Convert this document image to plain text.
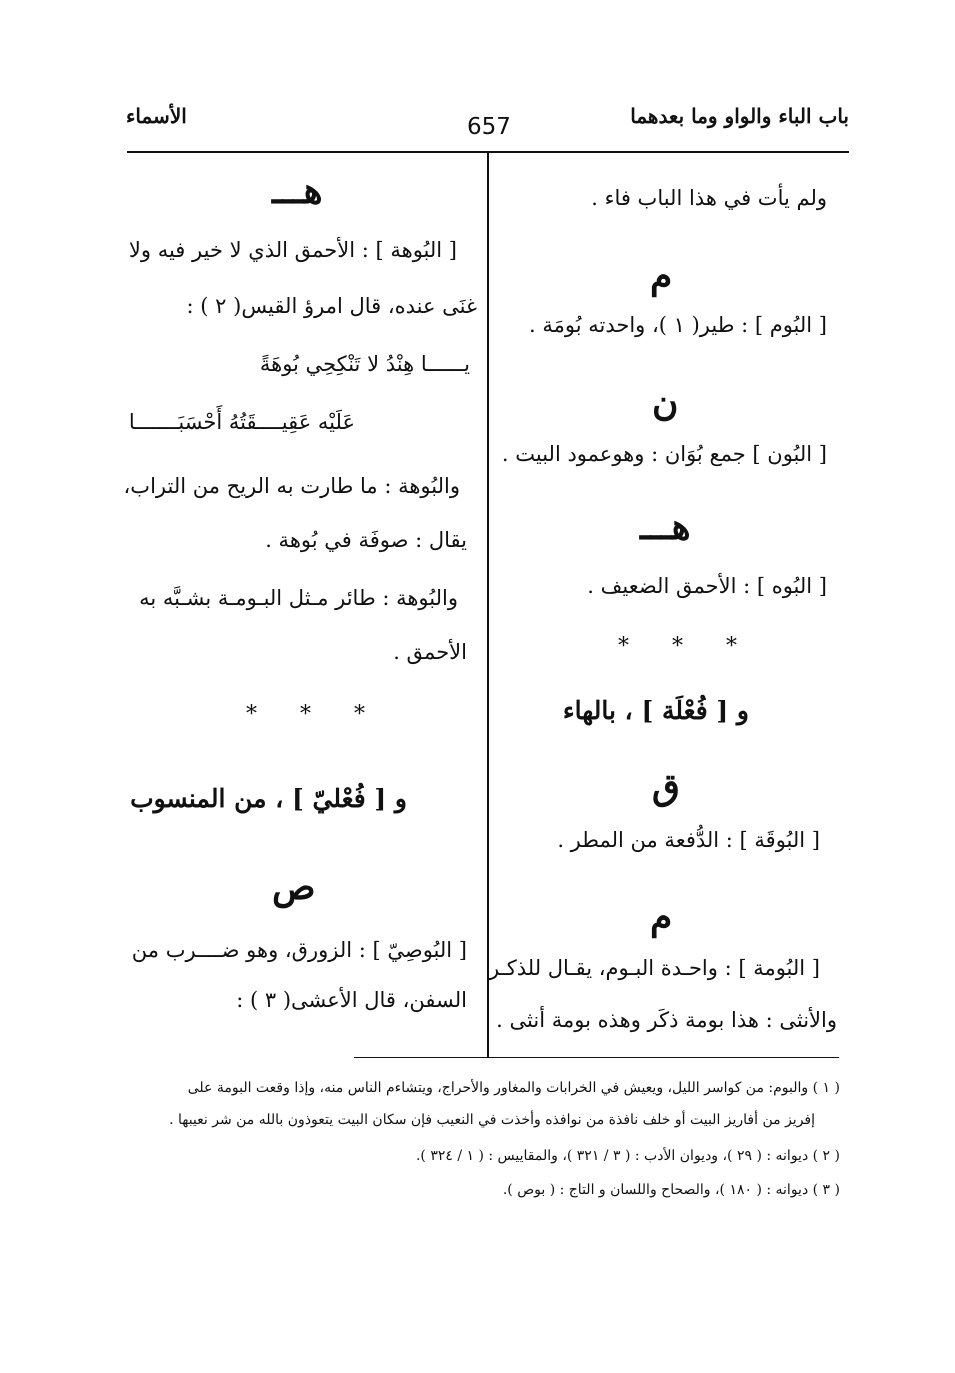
باب الباء والواو وما بعدهما
657
الأسماء
ولم يأت في هذا الباب فاء .
م
[ البُوم ] : طير( ١ )، واحدته بُومَة .
ن
[ البُون ] جمع بُوَان : وهوعمود البيت .
هـــ
[ البُوه ] : الأحمق الضعيف .
* * *
و [ فُعْلَة ] ، بالهاء
ق
[ البُوقَة ] : الدُّفعة من المطر .
م
[ البُومة ] : واحـدة البـوم، يقـال للذكـر
والأنثى : هذا بومة ذكَر وهذه بومة أنثى .
هـــ
[ البُوهة ] : الأحمق الذي لا خير فيه ولا
غنَى عنده، قال امرؤ القيس( ٢ ) :
يــــــا هِنْدُ لا تَنْكِحِي بُوهَةً
عَلَيْه عَقِيــــقَتُهُ أَحْسَبَـــــــا
والبُوهة : ما طارت به الريح من التراب،
يقال : صوفَة في بُوهة .
والبُوهة : طائر مـثل البـومـة بشـبَّه به
الأحمق .
* * *
و [ فُعْليّ ] ، من المنسوب
ص
[ البُوصِيّ ] : الزورق، وهو ضــــرب من
السفن، قال الأعشى( ٣ ) :
( ١ ) والبوم: من كواسر الليل، ويعيش في الخرابات والمغاور والأحراج، ويتشاءم الناس منه، وإذا وقعت البومة على
إفريز من أفاريز البيت أو خلف نافذة من نوافذه وأخذت في النعيب فإن سكان البيت يتعوذون بالله من شر نعيبها .
( ٢ ) ديوانه : ( ٢٩ )، وديوان الأدب : ( ٣ / ٣٢١ )، والمقاييس : ( ١ / ٣٢٤ ).
( ٣ ) ديوانه : ( ١٨٠ )، والصحاح واللسان و التاج : ( بوص ).
